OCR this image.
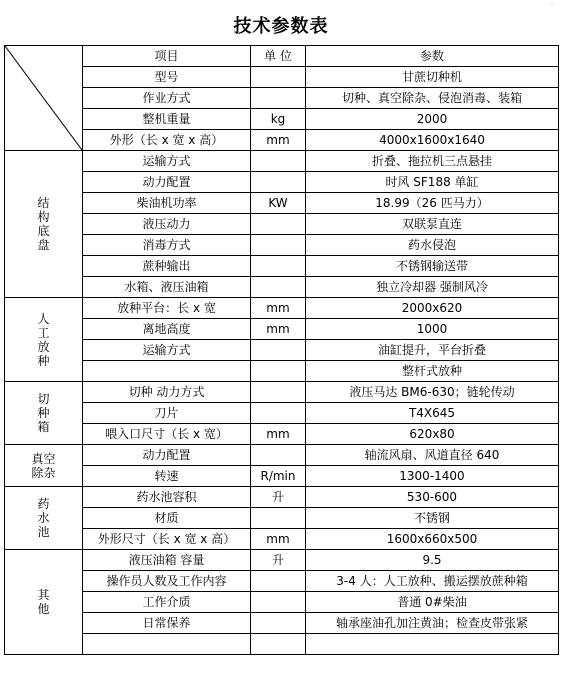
◦
技术参数表
	项目	单 位	参数
	型号		甘蔗切种机
	作业方式		切种、真空除杂、侵泡消毒、装箱
	整机重量	kg	2000
	外形（长 x 宽 x 高）	mm	4000x1600x1640

结
构
底
盘	运输方式		折叠、拖拉机三点悬挂
	动力配置		时风 SF188 单缸
	柴油机功率	KW	18.99（26 匹马力）
	液压动力		双联泵直连
	消毒方式		药水侵泡
	蔗种输出		不锈钢输送带
	水箱、液压油箱		独立冷却器 强制风冷

人
工
放
种	放种平台：长 x 宽	mm	2000x620
	离地高度	mm	1000
	运输方式		油缸提升，平台折叠
			整杆式放种

切
种
箱	切种 动力方式		液压马达 BM6-630；链轮传动
	刀片		T4X645
	喂入口尺寸（长 x 宽）	mm	620x80

真空
除杂	动力配置		轴流风扇、风道直径 640
	转速	R/min	1300-1400

药
水
池	药水池容积	升	530-600
	材质		不锈钢
	外形尺寸（长 x 宽 x 高）	mm	1600x660x500

其
他	液压油箱 容量	升	9.5
	操作员人数及工作内容		3-4 人：人工放种、搬运摆放蔗种箱
	工作介质		普通 0#柴油
	日常保养		轴承座油孔加注黄油；检查皮带张紧
